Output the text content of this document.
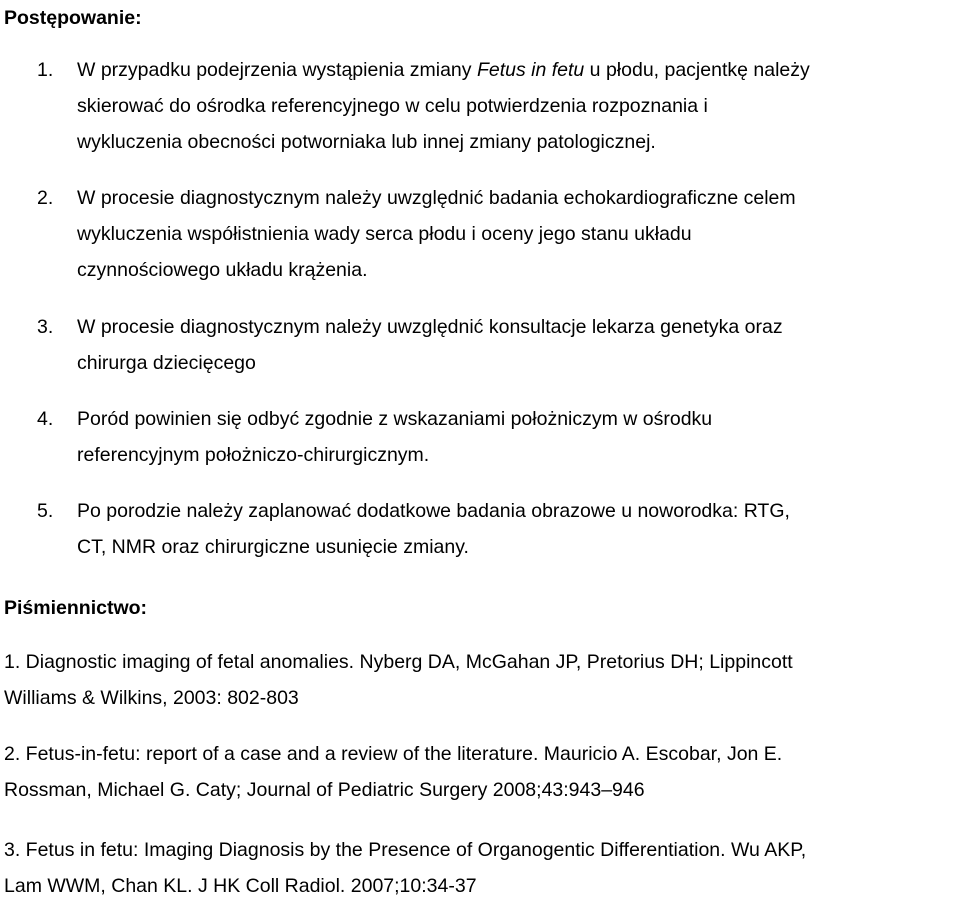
Postępowanie:
1. W przypadku podejrzenia wystąpienia zmiany Fetus in fetu u płodu, pacjentkę należy
skierować do ośrodka referencyjnego w celu potwierdzenia rozpoznania i
wykluczenia obecności potworniaka lub innej zmiany patologicznej.
2. W procesie diagnostycznym należy uwzględnić badania echokardiograficzne celem
wykluczenia współistnienia wady serca płodu i oceny jego stanu układu
czynnościowego układu krążenia.
3. W procesie diagnostycznym należy uwzględnić konsultacje lekarza genetyka oraz
chirurga dziecięcego
4. Poród powinien się odbyć zgodnie z wskazaniami położniczym w ośrodku
referencyjnym położniczo-chirurgicznym.
5. Po porodzie należy zaplanować dodatkowe badania obrazowe u noworodka: RTG,
CT, NMR oraz chirurgiczne usunięcie zmiany.
Piśmiennictwo:
1. Diagnostic imaging of fetal anomalies. Nyberg DA, McGahan JP, Pretorius DH; Lippincott
Williams & Wilkins, 2003: 802-803
2. Fetus-in-fetu: report of a case and a review of the literature. Mauricio A. Escobar, Jon E.
Rossman, Michael G. Caty; Journal of Pediatric Surgery 2008;43:943–946
3. Fetus in fetu: Imaging Diagnosis by the Presence of Organogentic Differentiation. Wu AKP,
Lam WWM, Chan KL. J HK Coll Radiol. 2007;10:34-37
